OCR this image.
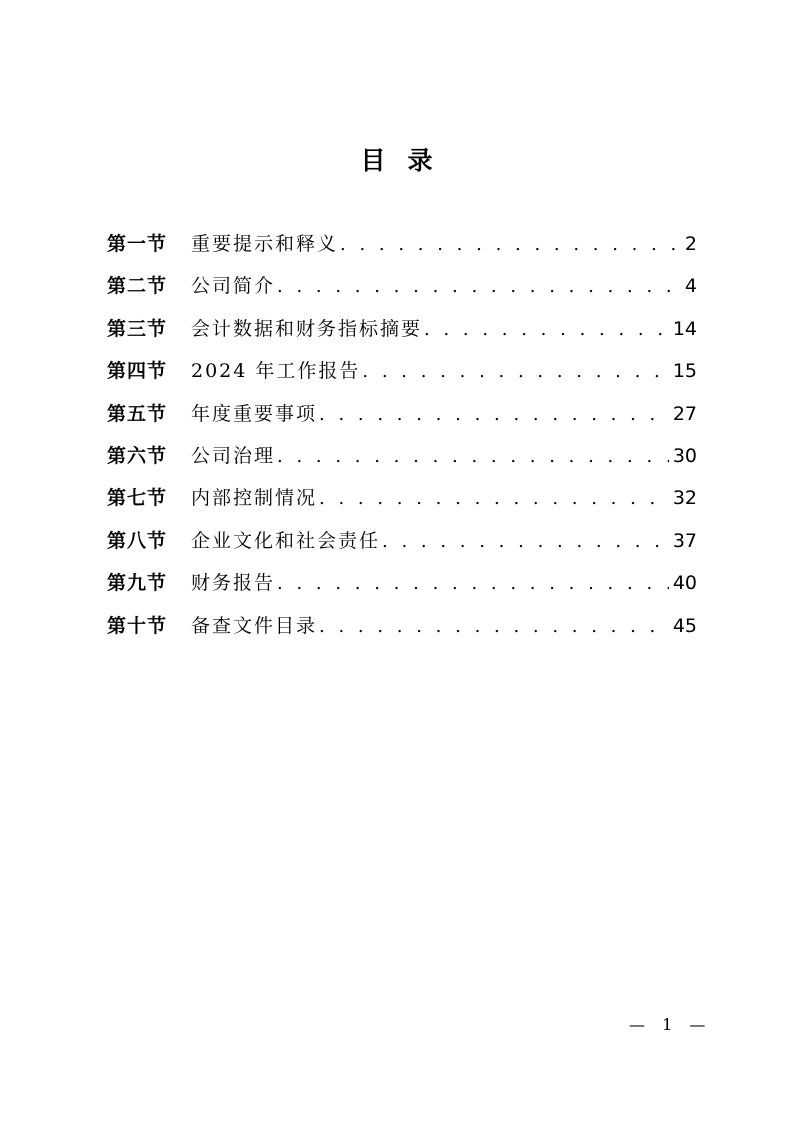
目录
第一节	重要提示和释义 . . .	2
第二节	公司简介 . . .	4
第三节	会计数据和财务指标摘要 . . .	14
第四节	2024 年工作报告 . . .	15
第五节	年度重要事项 . . .	27
第六节	公司治理 . . .	30
第七节	内部控制情况 . . .	32
第八节	企业文化和社会责任 . . .	37
第九节	财务报告 . . .	40
第十节	备查文件目录 . . .	45
— 1 —
